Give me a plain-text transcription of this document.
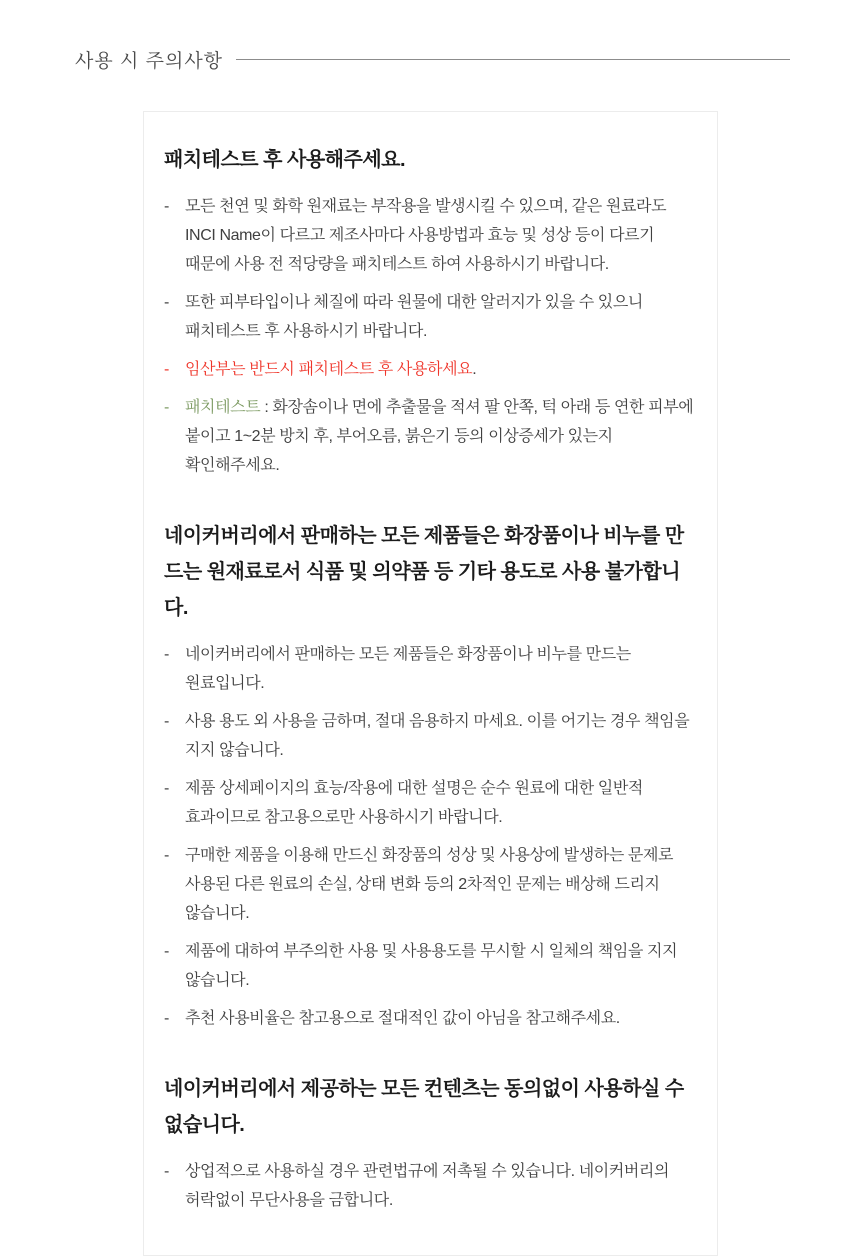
사용 시 주의사항
패치테스트 후 사용해주세요.
-	모든 천연 및 화학 원재료는 부작용을 발생시킬 수 있으며, 같은 원료라도 INCI Name이 다르고 제조사마다 사용방법과 효능 및 성상 등이 다르기 때문에 사용 전 적당량을 패치테스트 하여 사용하시기 바랍니다.
-	또한 피부타입이나 체질에 따라 원물에 대한 알러지가 있을 수 있으니 패치테스트 후 사용하시기 바랍니다.
-	임산부는 반드시 패치테스트 후 사용하세요.
-	패치테스트 : 화장솜이나 면에 추출물을 적셔 팔 안쪽, 턱 아래 등 연한 피부에 붙이고 1~2분 방치 후, 부어오름, 붉은기 등의 이상증세가 있는지 확인해주세요.
네이커버리에서 판매하는 모든 제품들은 화장품이나 비누를 만드는 원재료로서 식품 및 의약품 등 기타 용도로 사용 불가합니다.
-	네이커버리에서 판매하는 모든 제품들은 화장품이나 비누를 만드는 원료입니다.
-	사용 용도 외 사용을 금하며, 절대 음용하지 마세요. 이를 어기는 경우 책임을 지지 않습니다.
-	제품 상세페이지의 효능/작용에 대한 설명은 순수 원료에 대한 일반적 효과이므로 참고용으로만 사용하시기 바랍니다.
-	구매한 제품을 이용해 만드신 화장품의 성상 및 사용상에 발생하는 문제로 사용된 다른 원료의 손실, 상태 변화 등의 2차적인 문제는 배상해 드리지 않습니다.
-	제품에 대하여 부주의한 사용 및 사용용도를 무시할 시 일체의 책임을 지지 않습니다.
-	추천 사용비율은 참고용으로 절대적인 값이 아님을 참고해주세요.
네이커버리에서 제공하는 모든 컨텐츠는 동의없이 사용하실 수 없습니다.
-	상업적으로 사용하실 경우 관련법규에 저촉될 수 있습니다. 네이커버리의 허락없이 무단사용을 금합니다.
